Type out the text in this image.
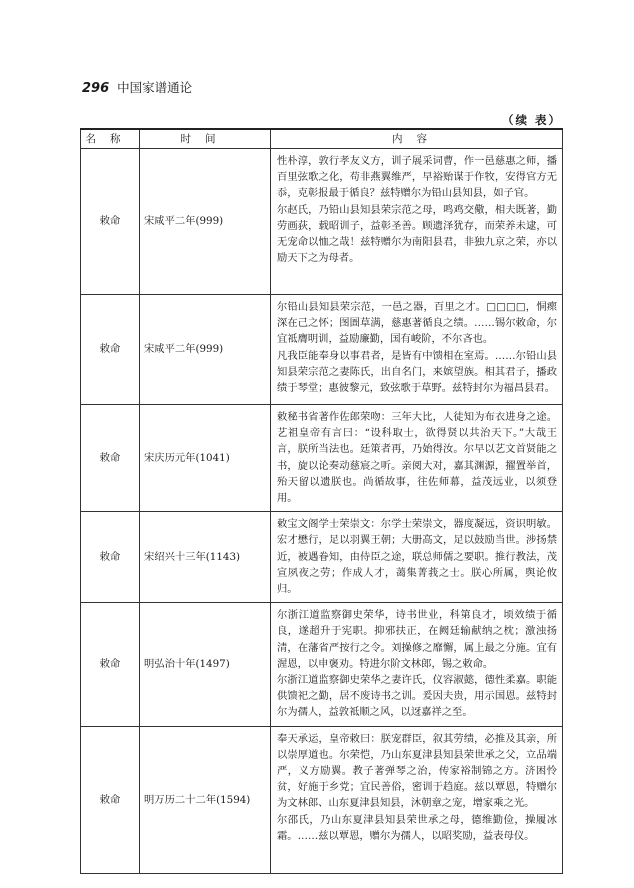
296 中国家谱通论
（续 表）
名称	时间	内容
敕命	宋咸平二年(999)	性朴淳，敦行孝友义方，训子展采词曹，作一邑慈惠之师，播百里弦歌之化，苟非燕翼维严，早裕贻谋于作牧，安得官方无忝，克彰报最于循良？兹特赠尔为铅山县知县，如子官。

尔赵氏，乃铅山县知县荣宗范之母，鸣鸡交儆，相夫既著，勤劳画荻，载昭训子，益彰圣善。顾遗泽犹存，而荣养未逮，可无宠命以恤之哉！兹特赠尔为南阳县君，非独九京之荣，亦以励天下之为母者。

敕命	宋咸平二年(999)	尔铅山县知县荣宗范，一邑之器，百里之才。□□□□，恫瘝深在己之怀；图圄草满，慈惠著循良之绩。……锡尔敕命，尔宜祗膺明训，益励廉勤，国有峻阶，不尔吝也。

凡我臣能奉身以事君者，是皆有中馈相在室焉。……尔铅山县知县荣宗范之妻陈氏，出自名门，来嫔望族。相其君子，播政绩于琴堂；惠彼黎元，致弦歌于草野。兹特封尔为福昌县君。

敕命	宋庆历元年(1041)	敕秘书省著作佐郎荣吻：三年大比，人徒知为布衣进身之途。艺祖皇帝有言曰：“设科取士，欲得贤以共治天下。”大哉王言，朕所当法也。廷策者再，乃始得汝。尔早以艺文首贤能之书，旋以论奏动慈宸之听。亲阅大对，嘉其渊源，擢置举首，殆天留以遗朕也。尚循故事，往佐师幕，益茂远业，以须登用。

敕命	宋绍兴十三年(1143)	敕宝文阁学士荣崇文：尔学士荣崇文，器度凝远，资识明敏。宏才懋行，足以羽翼王朝；大册高文，足以鼓励当世。涉扬禁近，被遇眷知，由侍臣之途，联总师儒之要职。推行教法，茂宣夙夜之劳；作成人才，蔼集菁莪之士。朕心所属，舆论攸归。

敕命	明弘治十年(1497)	尔浙江道监察御史荣华，诗书世业，科第良才，顷效绩于循良，遂超升于宪职。抑邪扶正，在阙廷输献纳之枕；激浊扬清，在藩省严按行之令。刘操修之靡懈，属上最之分施。宜有渥恩，以申褒劝。特进尔阶文林郎，锡之敕命。

尔浙江道监察御史荣华之妻许氏，仪容淑懿，德性柔嘉。职能供馈祀之勤，居不废诗书之训。爰因夫贵，用示国恩。兹特封尔为孺人，益敦祗顺之风，以迓嘉祥之至。

敕命	明万历二十二年(1594)	奉天承运，皇帝敕曰：朕宠群臣，叙其劳绩，必推及其亲，所以崇厚道也。尔荣恺，乃山东夏津县知县荣世承之父，立品端严，义方励翼。教子著弹琴之治，传家裕制锦之方。济困怜贫，好施于乡党；宜民善俗，密训于趋庭。兹以覃恩，特赠尔为文林郎、山东夏津县知县，沐朝章之宠，增家乘之光。

尔邵氏，乃山东夏津县知县荣世承之母，德维勤俭，操履冰霜。……兹以覃恩，赠尔为孺人，以昭奖励，益表母仪。
